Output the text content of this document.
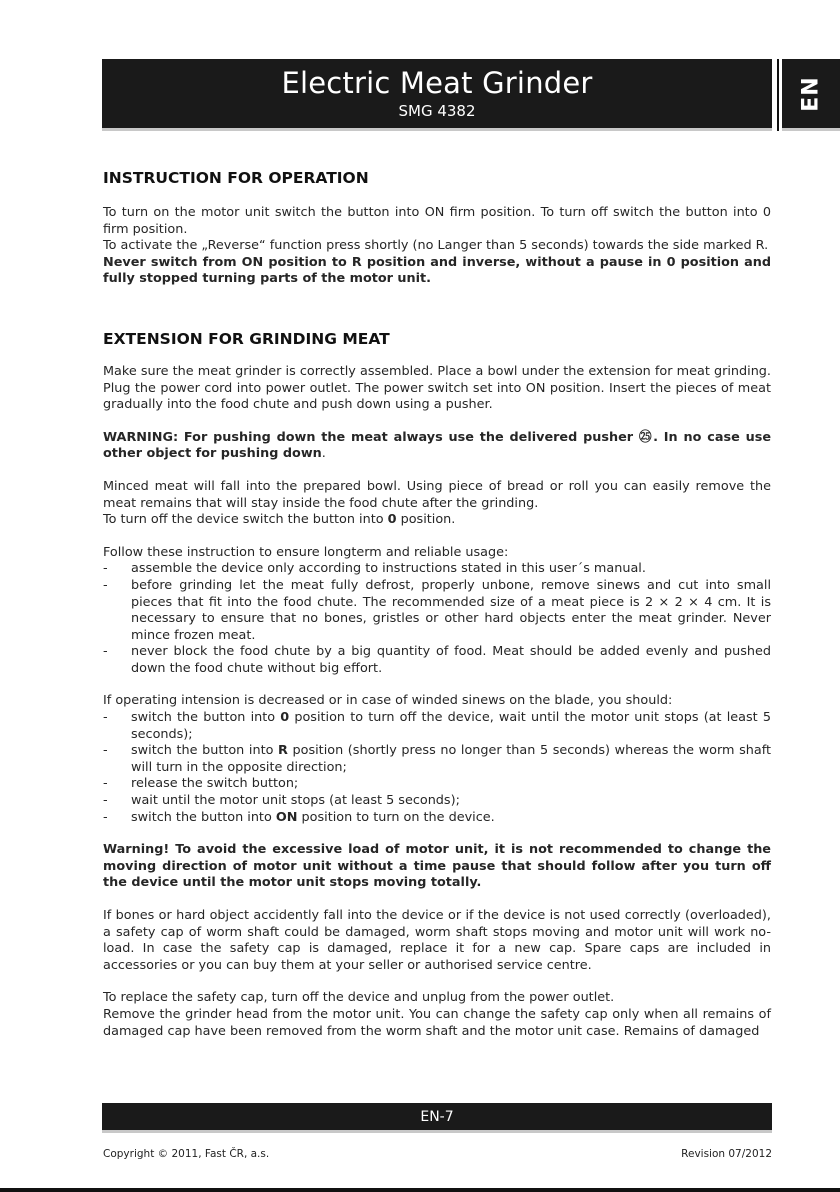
Electric Meat Grinder
SMG 4382	EN
INSTRUCTION FOR OPERATION

To turn on the motor unit switch the button into ON firm position. To turn off switch the button into 0 firm position.

To activate the „Reverse“ function press shortly (no Langer than 5 seconds) towards the side marked R.

Never switch from ON position to R position and inverse, without a pause in 0 position and fully stopped turning parts of the motor unit.

EXTENSION FOR GRINDING MEAT

Make sure the meat grinder is correctly assembled. Place a bowl under the extension for meat grinding. Plug the power cord into power outlet. The power switch set into ON position. Insert the pieces of meat gradually into the food chute and push down using a pusher.

WARNING: For pushing down the meat always use the delivered pusher ㉕. In no case use other object for pushing down.

Minced meat will fall into the prepared bowl. Using piece of bread or roll you can easily remove the meat remains that will stay inside the food chute after the grinding.

To turn off the device switch the button into 0 position.

Follow these instruction to ensure longterm and reliable usage:

- assemble the device only according to instructions stated in this user´s manual.
- before grinding let the meat fully defrost, properly unbone, remove sinews and cut into small pieces that fit into the food chute. The recommended size of a meat piece is 2 × 2 × 4 cm. It is necessary to ensure that no bones, gristles or other hard objects enter the meat grinder. Never mince frozen meat.
- never block the food chute by a big quantity of food. Meat should be added evenly and pushed down the food chute without big effort.

If operating intension is decreased or in case of winded sinews on the blade, you should:

- switch the button into 0 position to turn off the device, wait until the motor unit stops (at least 5 seconds);
- switch the button into R position (shortly press no longer than 5 seconds) whereas the worm shaft will turn in the opposite direction;
- release the switch button;
- wait until the motor unit stops (at least 5 seconds);
- switch the button into ON position to turn on the device.

Warning! To avoid the excessive load of motor unit, it is not recommended to change the moving direction of motor unit without a time pause that should follow after you turn off the device until the motor unit stops moving totally.

If bones or hard object accidently fall into the device or if the device is not used correctly (overloaded), a safety cap of worm shaft could be damaged, worm shaft stops moving and motor unit will work no-load. In case the safety cap is damaged, replace it for a new cap. Spare caps are included in accessories or you can buy them at your seller or authorised service centre.

To replace the safety cap, turn off the device and unplug from the power outlet.

Remove the grinder head from the motor unit. You can change the safety cap only when all remains of damaged cap have been removed from the worm shaft and the motor unit case. Remains of damaged

EN-7
Copyright © 2011, Fast ČR, a.s.	Revision 07/2012
